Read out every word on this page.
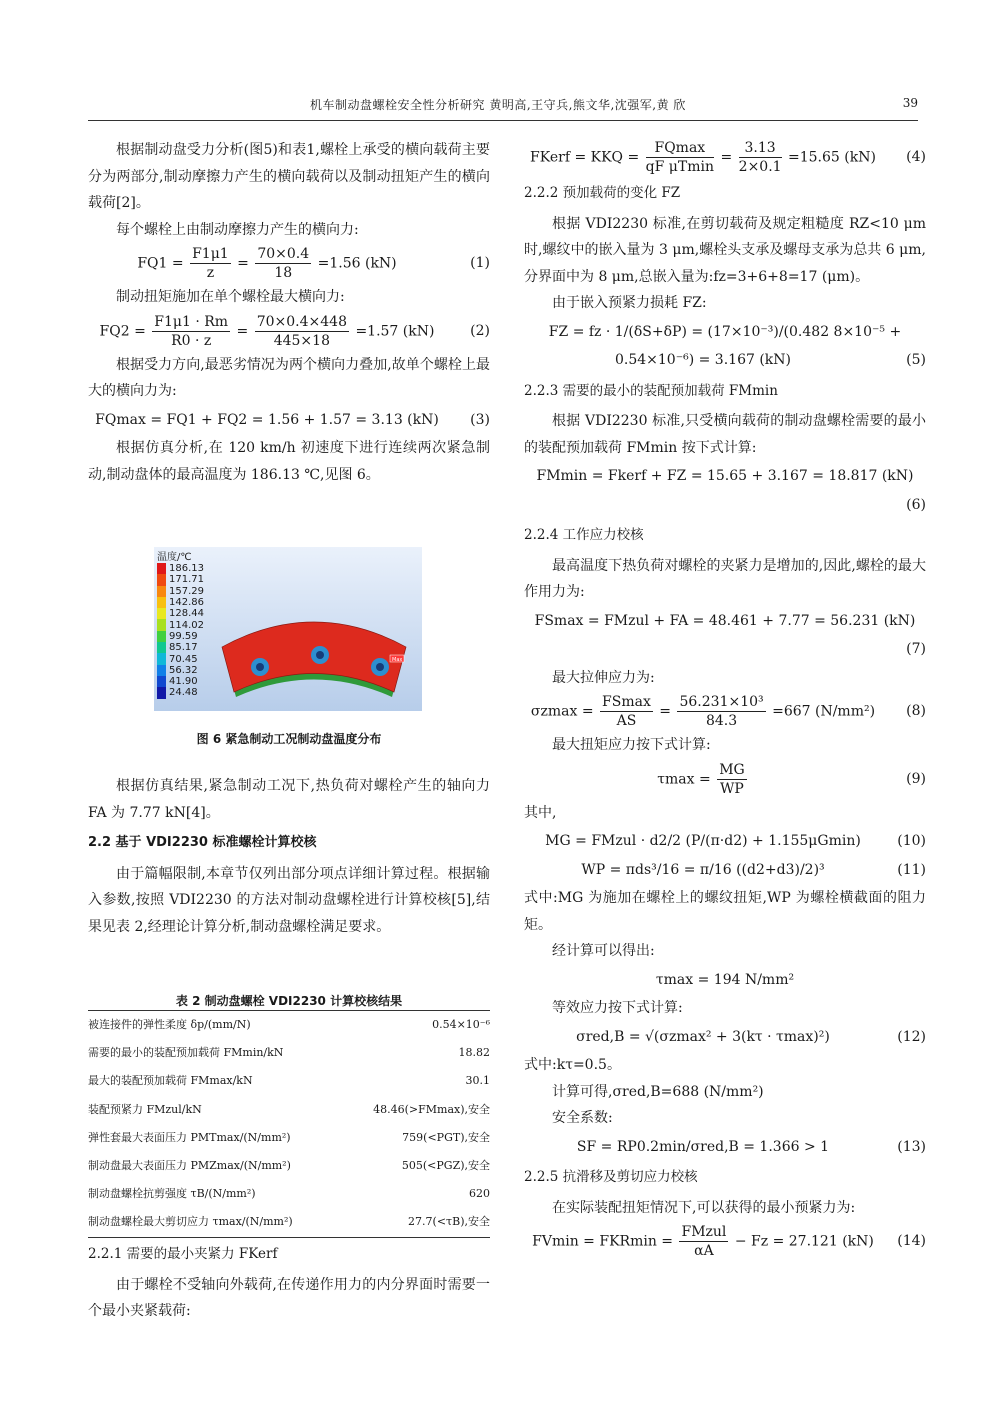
机车制动盘螺栓安全性分析研究 黄明高,王守兵,熊文华,沈强军,黄 欣	39

根据制动盘受力分析(图5)和表1,螺栓上承受的横向载荷主要分为两部分,制动摩擦力产生的横向载荷以及制动扭矩产生的横向载荷[2]。

每个螺栓上由制动摩擦力产生的横向力:

$FQ1 = \frac{F1\mu 1}{z} = \frac{70\times 0.4}{18} =1.56$ (kN)	(1)

制动扭矩施加在单个螺栓最大横向力:

$FQ2 = \frac{F1\mu 1 \cdot Rm}{R0 \cdot z} = \frac{70\times 0.4\times 448}{445\times 18} =1.57$ (kN)	(2)

根据受力方向,最恶劣情况为两个横向力叠加,故单个螺栓上最大的横向力为:

FQmax = FQ1 + FQ2 = 1.56 + 1.57 = 3.13 (kN)	(3)

根据仿真分析,在 120 km/h 初速度下进行连续两次紧急制动,制动盘体的最高温度为 186.13 ℃,见图 6。

温度/℃
186.13
171.71
157.29
142.86
128.44
114.02
99.59
85.17
70.45
56.32
41.90
24.48
Max
图 6 紧急制动工况制动盘温度分布

根据仿真结果,紧急制动工况下,热负荷对螺栓产生的轴向力 FA 为 7.77 kN[4]。

2.2 基于 VDI2230 标准螺栓计算校核

由于篇幅限制,本章节仅列出部分项点详细计算过程。根据输入参数,按照 VDI2230 的方法对制动盘螺栓进行计算校核[5],结果见表 2,经理论计算分析,制动盘螺栓满足要求。

表 2 制动盘螺栓 VDI2230 计算校核结果
被连接件的弹性柔度 δp/(mm/N)	0.54×10⁻⁶
需要的最小的装配预加载荷 FMmin/kN	18.82
最大的装配预加载荷 FMmax/kN	30.1
装配预紧力 FMzul/kN	48.46(>FMmax),安全
弹性套最大表面压力 PMTmax/(N/mm²)	759(<PGT),安全
制动盘最大表面压力 PMZmax/(N/mm²)	505(<PGZ),安全
制动盘螺栓抗剪强度 τB/(N/mm²)	620
制动盘螺栓最大剪切应力 τmax/(N/mm²)	27.7(<τB),安全
2.2.1 需要的最小夹紧力 FKerf

由于螺栓不受轴向外载荷,在传递作用力的内分界面时需要一个最小夹紧载荷:

FKerf = KKQ = $\frac{FQmax}{\text{qF μTmin}} = \frac{3.13}{2\times 0.1} =15.65$ (kN)	(4)
2.2.2 预加载荷的变化 FZ

根据 VDI2230 标准,在剪切载荷及规定粗糙度 RZ<10 μm 时,螺纹中的嵌入量为 3 μm,螺栓头支承及螺母支承为总共 6 μm,分界面中为 8 μm,总嵌入量为:fz=3+6+8=17 (μm)。

由于嵌入预紧力损耗 FZ:

FZ = fz · 1/(δS+δP) = (17×10⁻³)/(0.482 8×10⁻⁵ +
0.54×10⁻⁶) = 3.167 (kN)	(5)
2.2.3 需要的最小的装配预加载荷 FMmin

根据 VDI2230 标准,只受横向载荷的制动盘螺栓需要的最小的装配预加载荷 FMmin 按下式计算:

FMmin = Fkerf + FZ = 15.65 + 3.167 = 18.817 (kN)
(6)
2.2.4 工作应力校核

最高温度下热负荷对螺栓的夹紧力是增加的,因此,螺栓的最大作用力为:

FSmax = FMzul + FA = 48.461 + 7.77 = 56.231 (kN)
(7)

最大拉伸应力为:

$\sigma zmax = \frac{FSmax}{AS} = \frac{\text{56.231×10³}}{84.3} =667$ (N/mm²)	(8)

最大扭矩应力按下式计算:

$\tau\max = \frac{MG}{WP}$	(9)

其中,

MG = FMzul · d2/2 (P/(π·d2) + 1.155μGmin)	(10)
WP = πds³/16 = π/16 ((d2+d3)/2)³	(11)

式中:MG 为施加在螺栓上的螺纹扭矩,WP 为螺栓横截面的阻力矩。

经计算可以得出:

τmax = 194 N/mm²

等效应力按下式计算:

σred,B = √(σzmax² + 3(kτ · τmax)²)	(12)

式中:kτ=0.5。

计算可得,σred,B=688 (N/mm²)

安全系数:

SF = RP0.2min/σred,B = 1.366 > 1	(13)
2.2.5 抗滑移及剪切应力校核

在实际装配扭矩情况下,可以获得的最小预紧力为:

$FVmin = FKRmin = \frac{\text{FMzul}}{\alpha A} - Fz = 27.121$ (kN)	(14)
